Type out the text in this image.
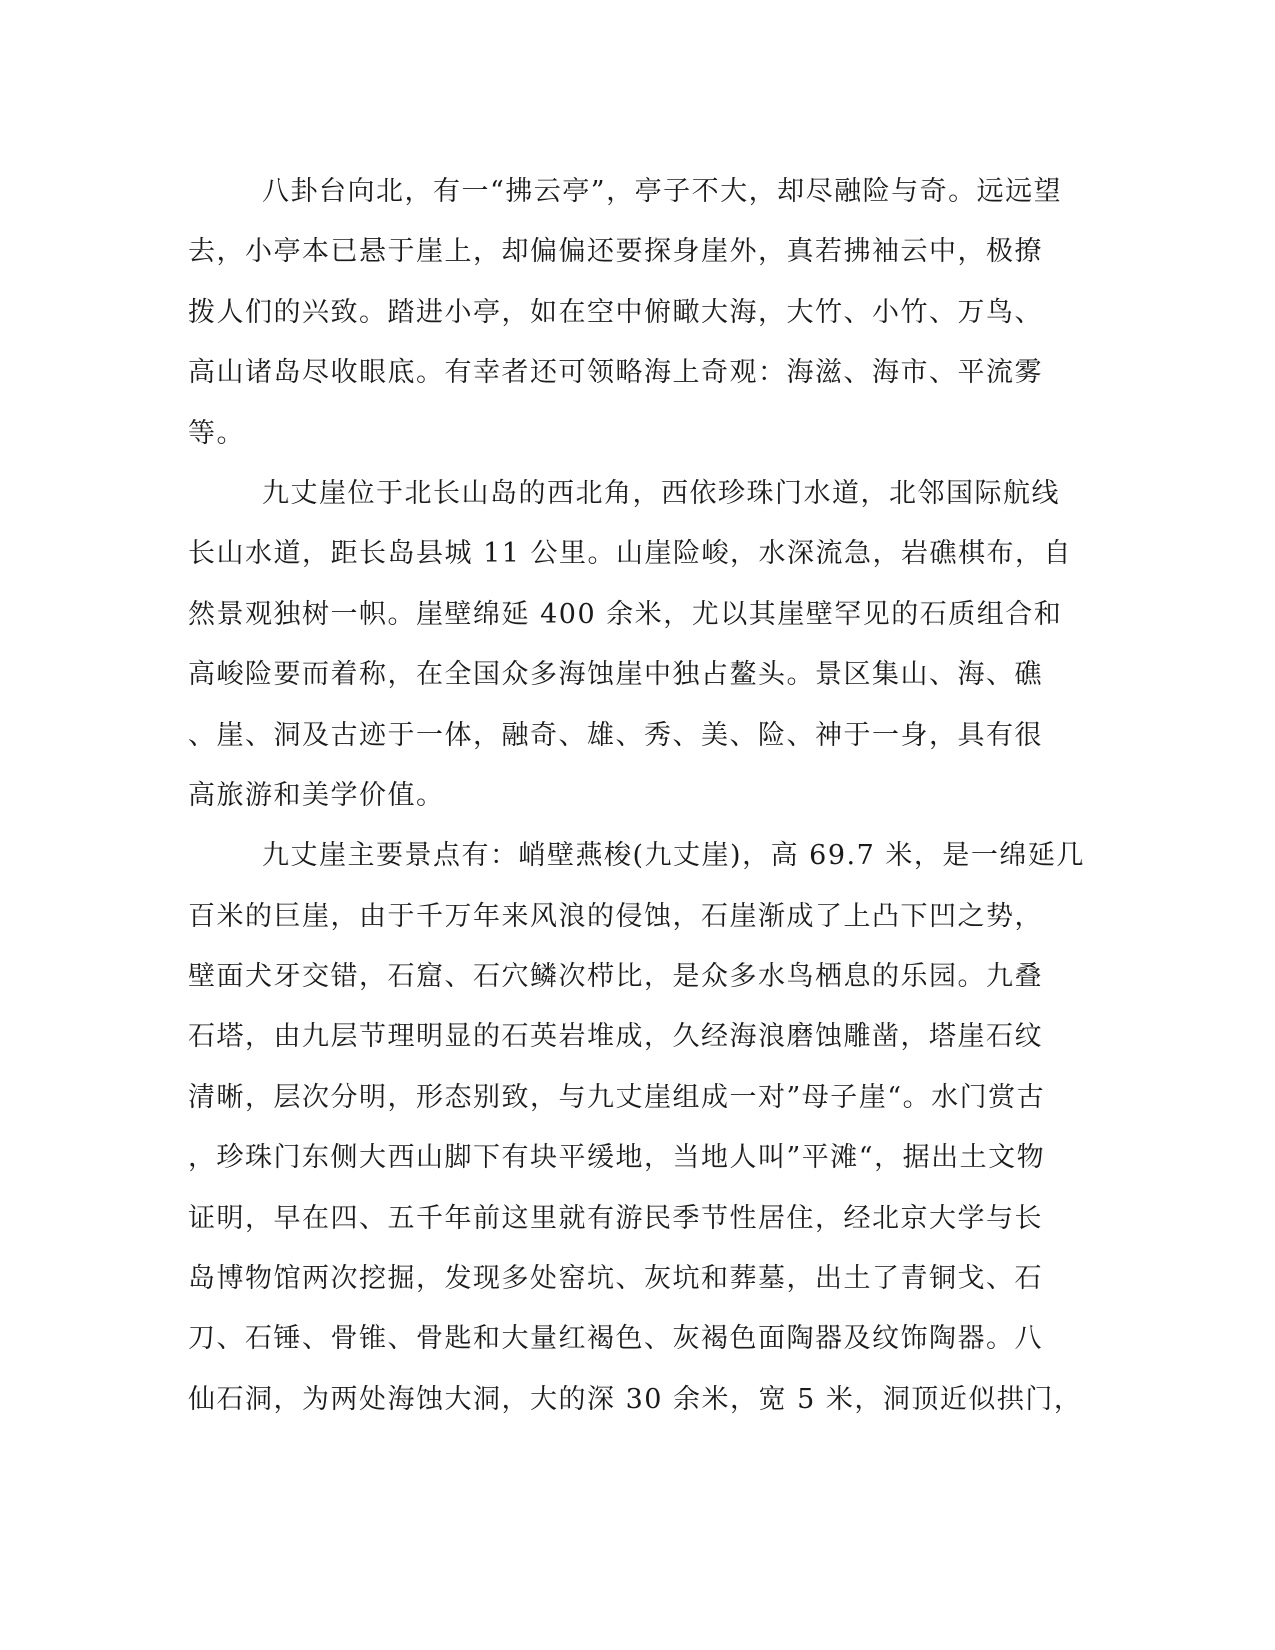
八卦台向北，有一“拂云亭”，亭子不大，却尽融险与奇。远远望
去，小亭本已悬于崖上，却偏偏还要探身崖外，真若拂袖云中，极撩
拨人们的兴致。踏进小亭，如在空中俯瞰大海，大竹、小竹、万鸟、
高山诸岛尽收眼底。有幸者还可领略海上奇观：海滋、海市、平流雾
等。
九丈崖位于北长山岛的西北角，西依珍珠门水道，北邻国际航线
长山水道，距长岛县城 11 公里。山崖险峻，水深流急，岩礁棋布，自
然景观独树一帜。崖壁绵延 400 余米，尤以其崖壁罕见的石质组合和
高峻险要而着称，在全国众多海蚀崖中独占鳌头。景区集山、海、礁
、崖、洞及古迹于一体，融奇、雄、秀、美、险、神于一身，具有很
高旅游和美学价值。
九丈崖主要景点有：峭壁燕梭(九丈崖)，高 69.7 米，是一绵延几
百米的巨崖，由于千万年来风浪的侵蚀，石崖渐成了上凸下凹之势，
壁面犬牙交错，石窟、石穴鳞次栉比，是众多水鸟栖息的乐园。九叠
石塔，由九层节理明显的石英岩堆成，久经海浪磨蚀雕凿，塔崖石纹
清晰，层次分明，形态别致，与九丈崖组成一对”母子崖“。水门赏古
，珍珠门东侧大西山脚下有块平缓地，当地人叫”平滩“，据出土文物
证明，早在四、五千年前这里就有游民季节性居住，经北京大学与长
岛博物馆两次挖掘，发现多处窑坑、灰坑和葬墓，出土了青铜戈、石
刀、石锤、骨锥、骨匙和大量红褐色、灰褐色面陶器及纹饰陶器。八
仙石洞，为两处海蚀大洞，大的深 30 余米，宽 5 米，洞顶近似拱门，
